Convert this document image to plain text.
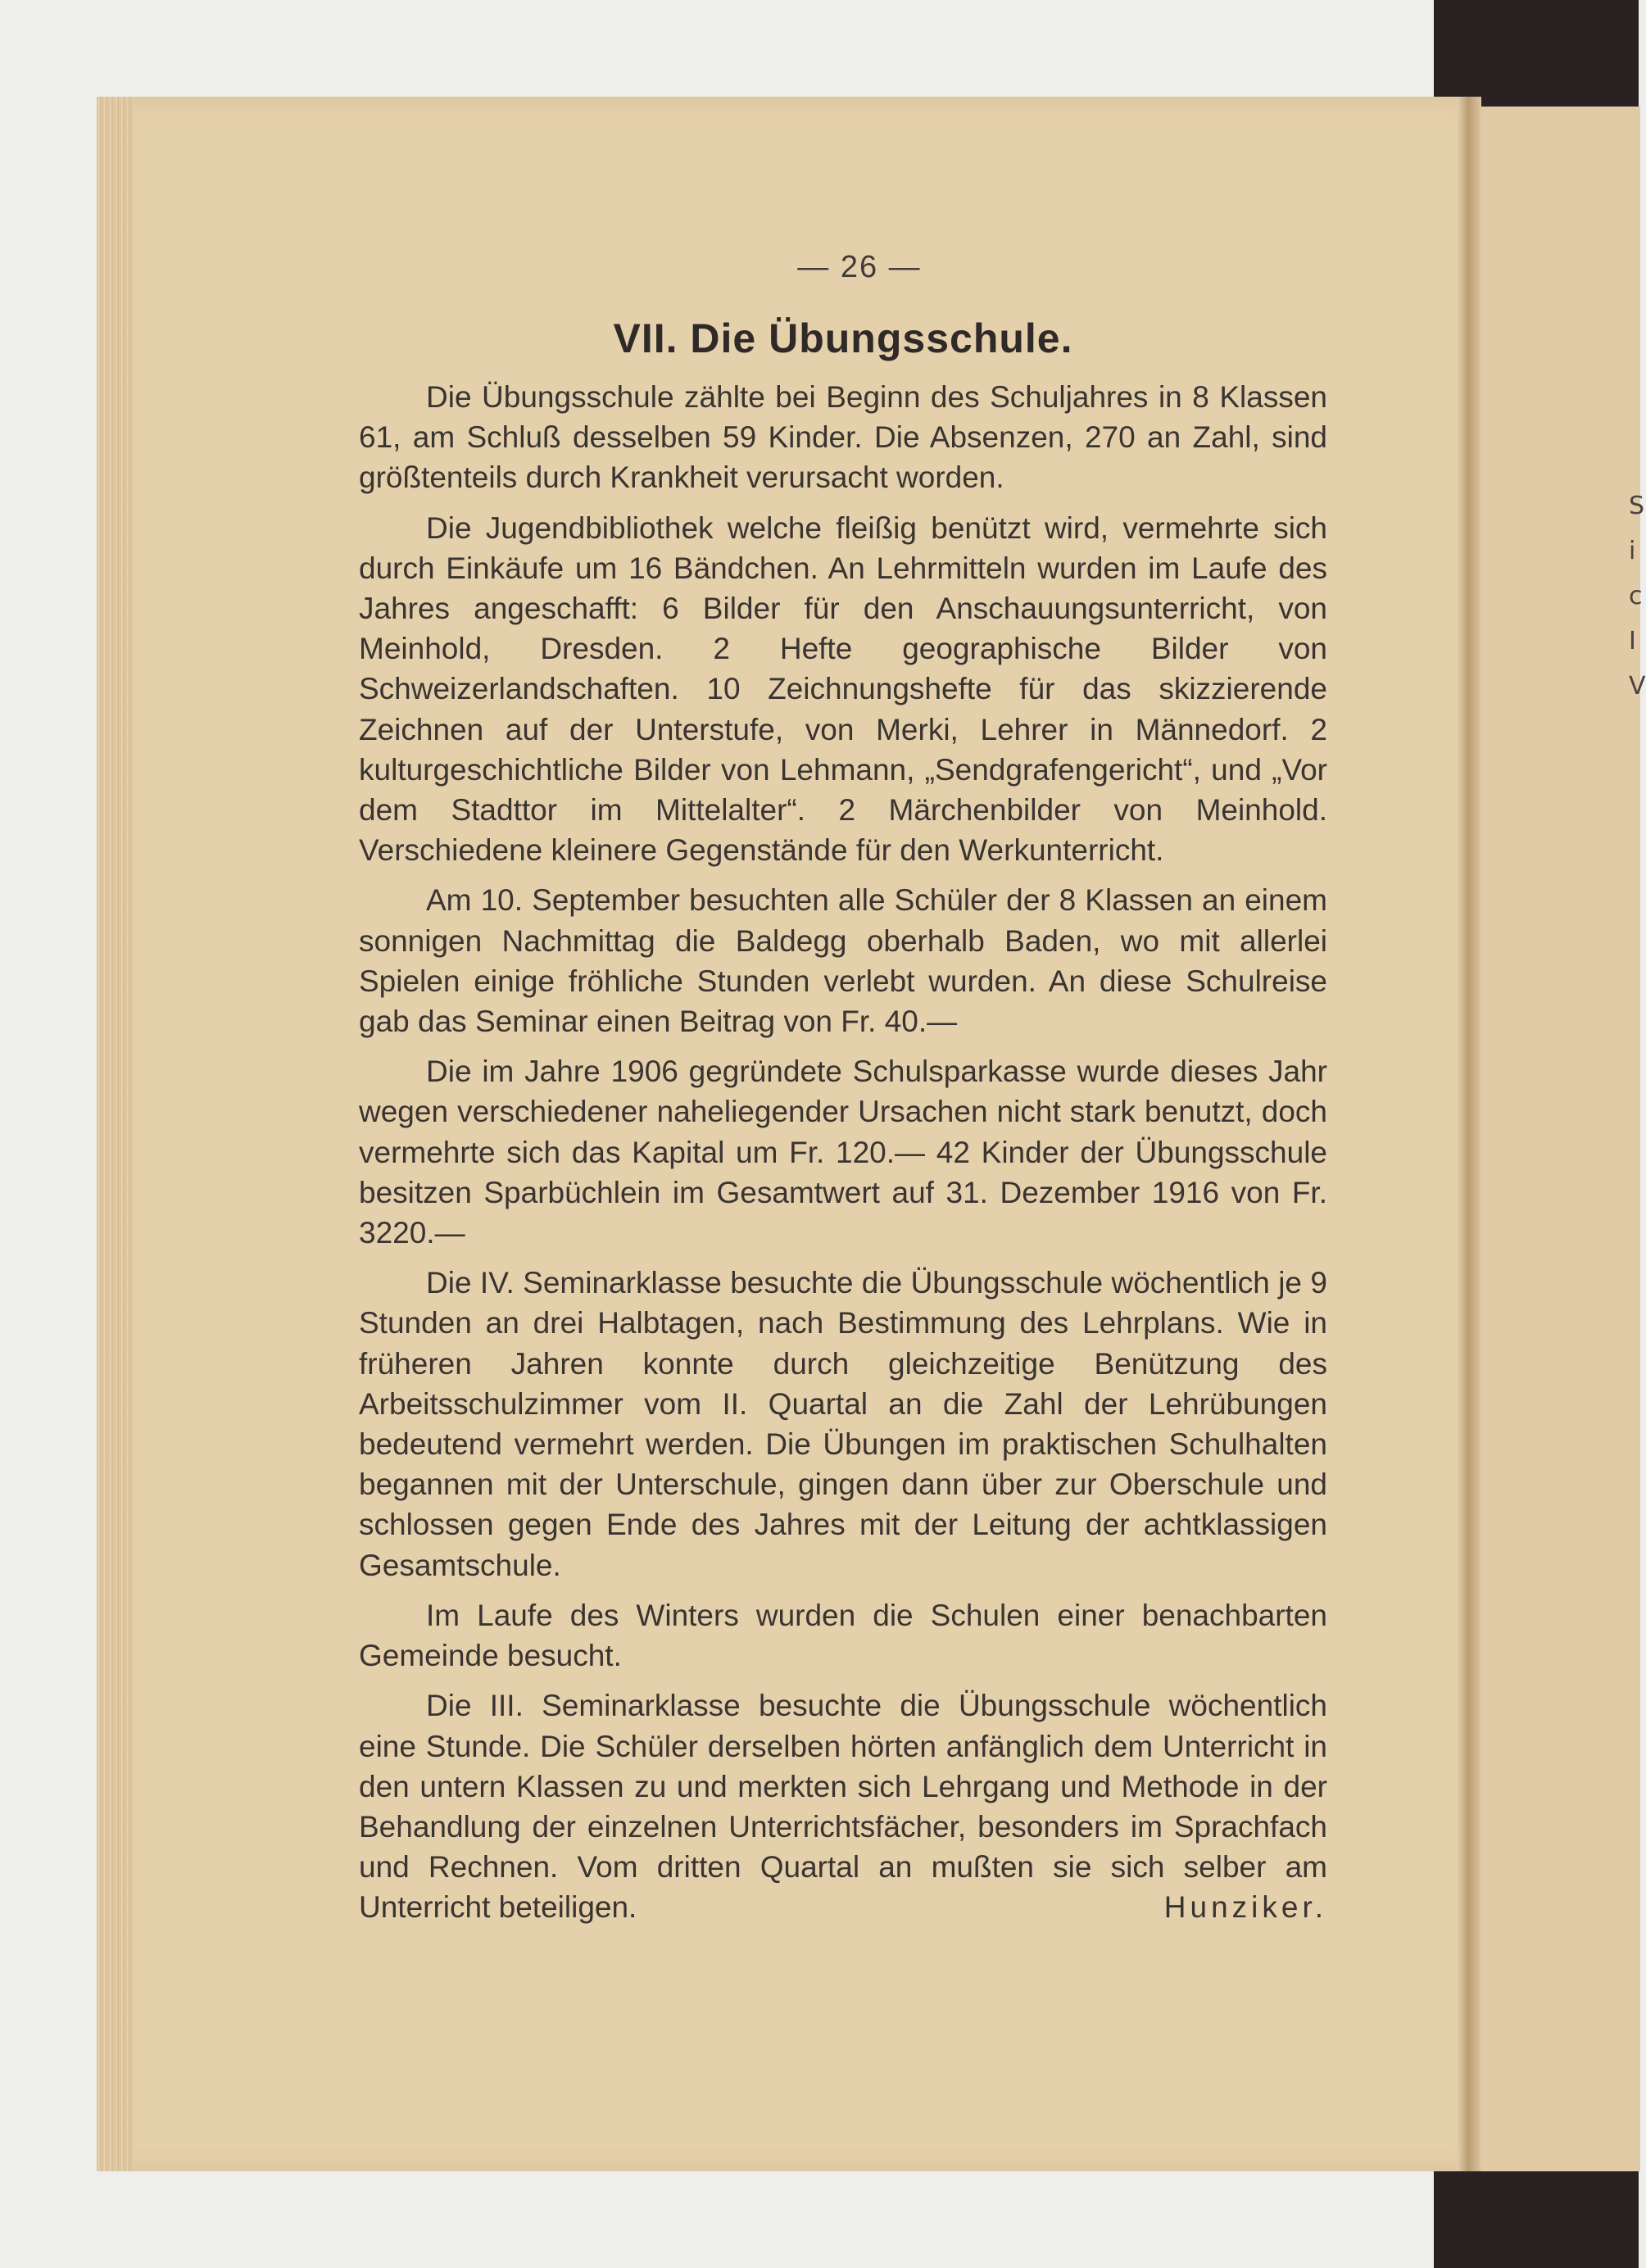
S i c I V
— 26 —
VII. Die Übungsschule.

Die Übungsschule zählte bei Beginn des Schuljahres in 8 Klassen 61, am Schluß desselben 59 Kinder. Die Absenzen, 270 an Zahl, sind größtenteils durch Krankheit verursacht worden.

Die Jugendbibliothek welche fleißig benützt wird, vermehrte sich durch Einkäufe um 16 Bändchen. An Lehrmitteln wurden im Laufe des Jahres angeschafft: 6 Bilder für den Anschauungsunterricht, von Meinhold, Dresden. 2 Hefte geographische Bilder von Schweizerlandschaften. 10 Zeichnungshefte für das skizzierende Zeichnen auf der Unterstufe, von Merki, Lehrer in Männedorf. 2 kulturgeschichtliche Bilder von Lehmann, „Sendgrafengericht“, und „Vor dem Stadttor im Mittelalter“. 2 Märchenbilder von Meinhold. Verschiedene kleinere Gegenstände für den Werkunterricht.

Am 10. September besuchten alle Schüler der 8 Klassen an einem sonnigen Nachmittag die Baldegg oberhalb Baden, wo mit allerlei Spielen einige fröhliche Stunden verlebt wurden. An diese Schulreise gab das Seminar einen Beitrag von Fr. 40.—

Die im Jahre 1906 gegründete Schulsparkasse wurde dieses Jahr wegen verschiedener naheliegender Ursachen nicht stark benutzt, doch vermehrte sich das Kapital um Fr. 120.— 42 Kinder der Übungsschule besitzen Sparbüchlein im Gesamtwert auf 31. Dezember 1916 von Fr. 3220.—

Die IV. Seminarklasse besuchte die Übungsschule wöchentlich je 9 Stunden an drei Halbtagen, nach Bestimmung des Lehrplans. Wie in früheren Jahren konnte durch gleichzeitige Benützung des Arbeitsschulzimmer vom II. Quartal an die Zahl der Lehrübungen bedeutend vermehrt werden. Die Übungen im praktischen Schulhalten begannen mit der Unterschule, gingen dann über zur Oberschule und schlossen gegen Ende des Jahres mit der Leitung der achtklassigen Gesamtschule.

Im Laufe des Winters wurden die Schulen einer benachbarten Gemeinde besucht.

Die III. Seminarklasse besuchte die Übungsschule wöchentlich eine Stunde. Die Schüler derselben hörten anfänglich dem Unterricht in den untern Klassen zu und merkten sich Lehrgang und Methode in der Behandlung der einzelnen Unterrichtsfächer, besonders im Sprachfach und Rechnen. Vom dritten Quartal an mußten sie sich selber am Unterricht beteiligen.	Hunziker.
